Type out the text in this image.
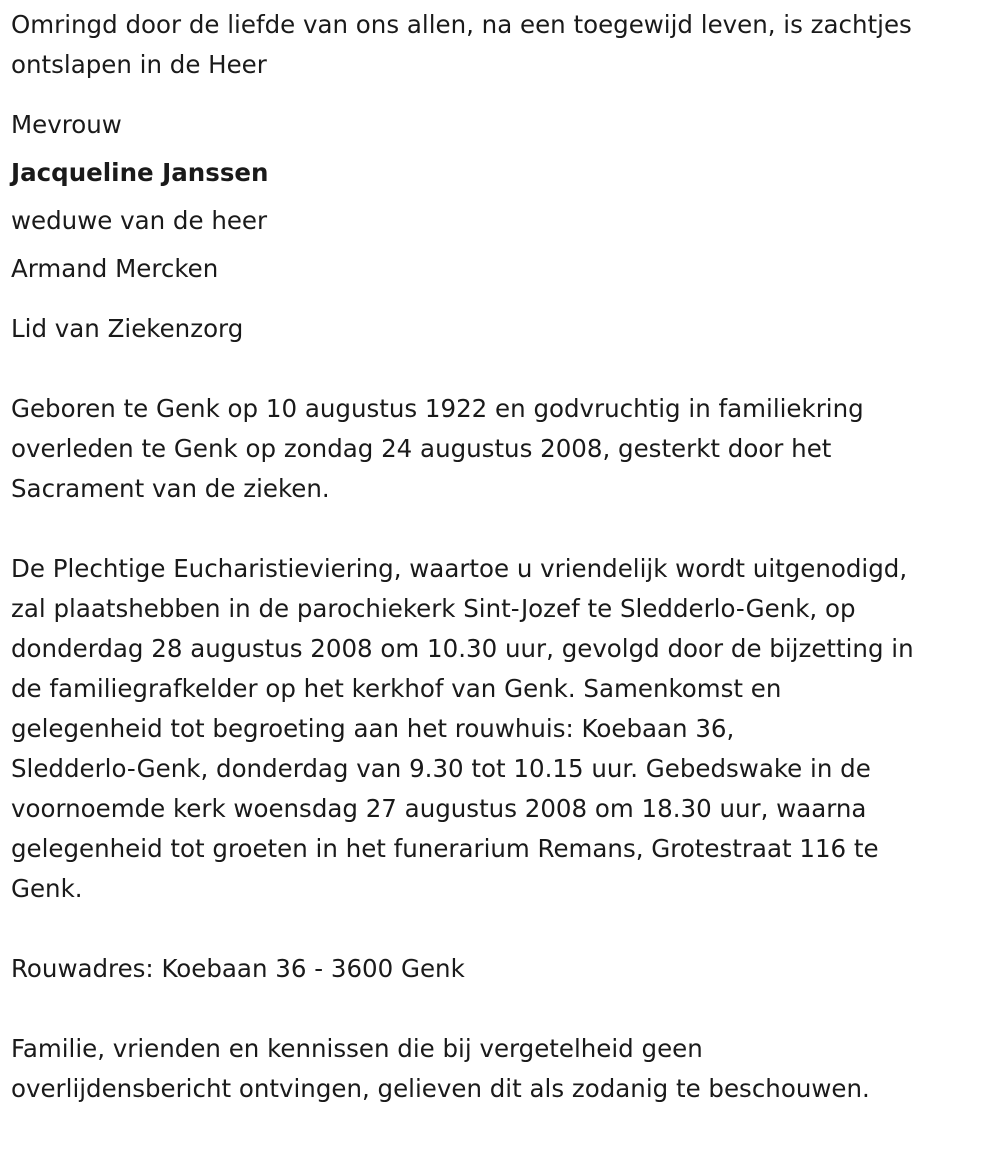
Omringd door de liefde van ons allen, na een toegewijd leven, is zachtjes
ontslapen in de Heer

Mevrouw

Jacqueline Janssen

weduwe van de heer

Armand Mercken

Lid van Ziekenzorg

Geboren te Genk op 10 augustus 1922 en godvruchtig in familiekring
overleden te Genk op zondag 24 augustus 2008, gesterkt door het
Sacrament van de zieken.

De Plechtige Eucharistieviering, waartoe u vriendelijk wordt uitgenodigd,
zal plaatshebben in de parochiekerk Sint-Jozef te Sledderlo-Genk, op
donderdag 28 augustus 2008 om 10.30 uur, gevolgd door de bijzetting in
de familiegrafkelder op het kerkhof van Genk. Samenkomst en
gelegenheid tot begroeting aan het rouwhuis: Koebaan 36,
Sledderlo-Genk, donderdag van 9.30 tot 10.15 uur. Gebedswake in de
voornoemde kerk woensdag 27 augustus 2008 om 18.30 uur, waarna
gelegenheid tot groeten in het funerarium Remans, Grotestraat 116 te
Genk.

Rouwadres: Koebaan 36 - 3600 Genk

Familie, vrienden en kennissen die bij vergetelheid geen
overlijdensbericht ontvingen, gelieven dit als zodanig te beschouwen.
